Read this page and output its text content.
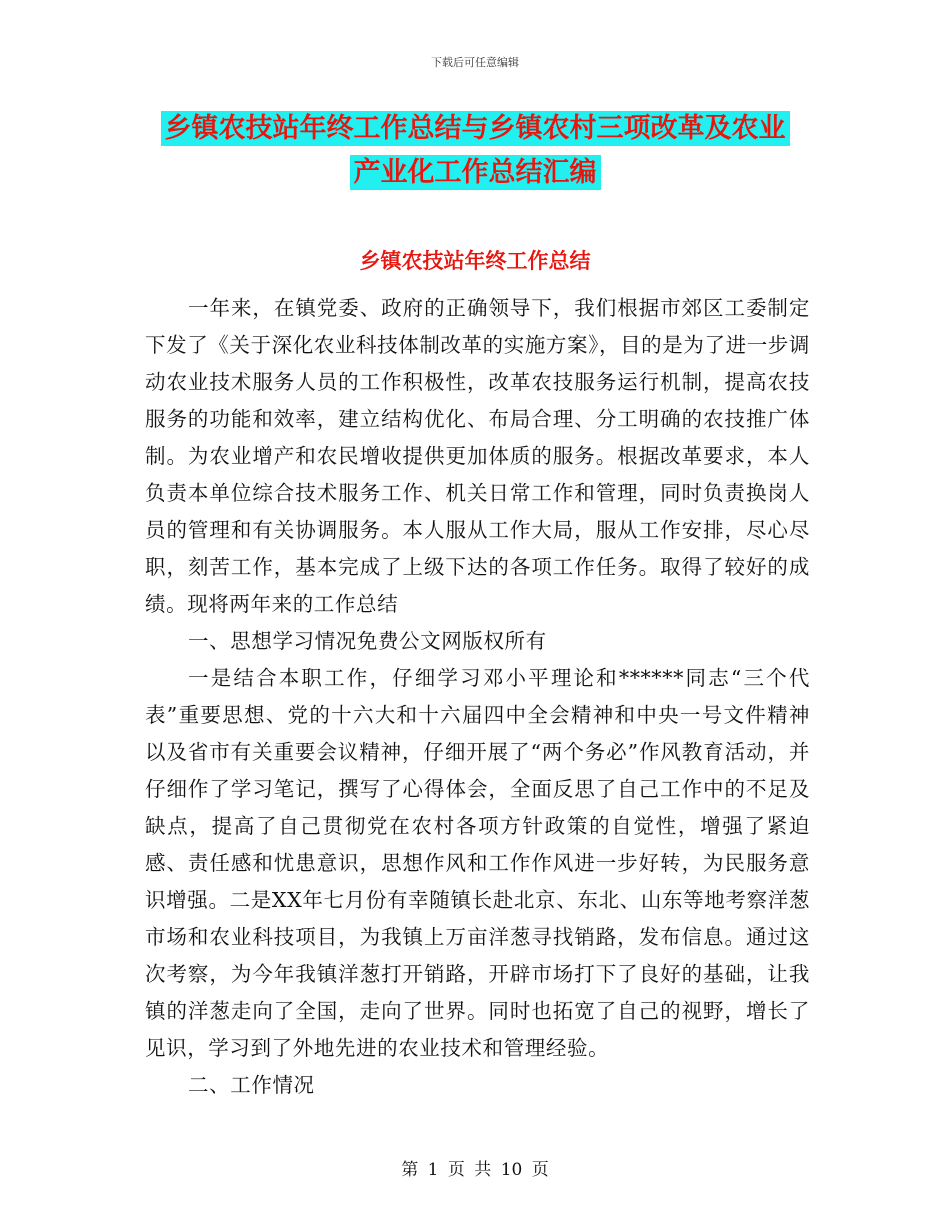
下载后可任意编辑
乡镇农技站年终工作总结与乡镇农村三项改革及农业
产业化工作总结汇编
乡镇农技站年终工作总结

一年来，在镇党委、政府的正确领导下，我们根据市郊区工委制定下发了《关于深化农业科技体制改革的实施方案》，目的是为了进一步调动农业技术服务人员的工作积极性，改革农技服务运行机制，提高农技服务的功能和效率，建立结构优化、布局合理、分工明确的农技推广体制。为农业增产和农民增收提供更加体质的服务。根据改革要求，本人负责本单位综合技术服务工作、机关日常工作和管理，同时负责换岗人员的管理和有关协调服务。本人服从工作大局，服从工作安排，尽心尽职，刻苦工作，基本完成了上级下达的各项工作任务。取得了较好的成绩。现将两年来的工作总结

一、思想学习情况免费公文网版权所有

一是结合本职工作，仔细学习邓小平理论和******同志“三个代表”重要思想、党的十六大和十六届四中全会精神和中央一号文件精神以及省市有关重要会议精神，仔细开展了“两个务必”作风教育活动，并仔细作了学习笔记，撰写了心得体会，全面反思了自己工作中的不足及缺点，提高了自己贯彻党在农村各项方针政策的自觉性，增强了紧迫感、责任感和忧患意识，思想作风和工作作风进一步好转，为民服务意识增强。二是XX年七月份有幸随镇长赴北京、东北、山东等地考察洋葱市场和农业科技项目，为我镇上万亩洋葱寻找销路，发布信息。通过这次考察，为今年我镇洋葱打开销路，开辟市场打下了良好的基础，让我镇的洋葱走向了全国，走向了世界。同时也拓宽了自己的视野，增长了见识，学习到了外地先进的农业技术和管理经验。

二、工作情况

第 1 页 共 10 页
